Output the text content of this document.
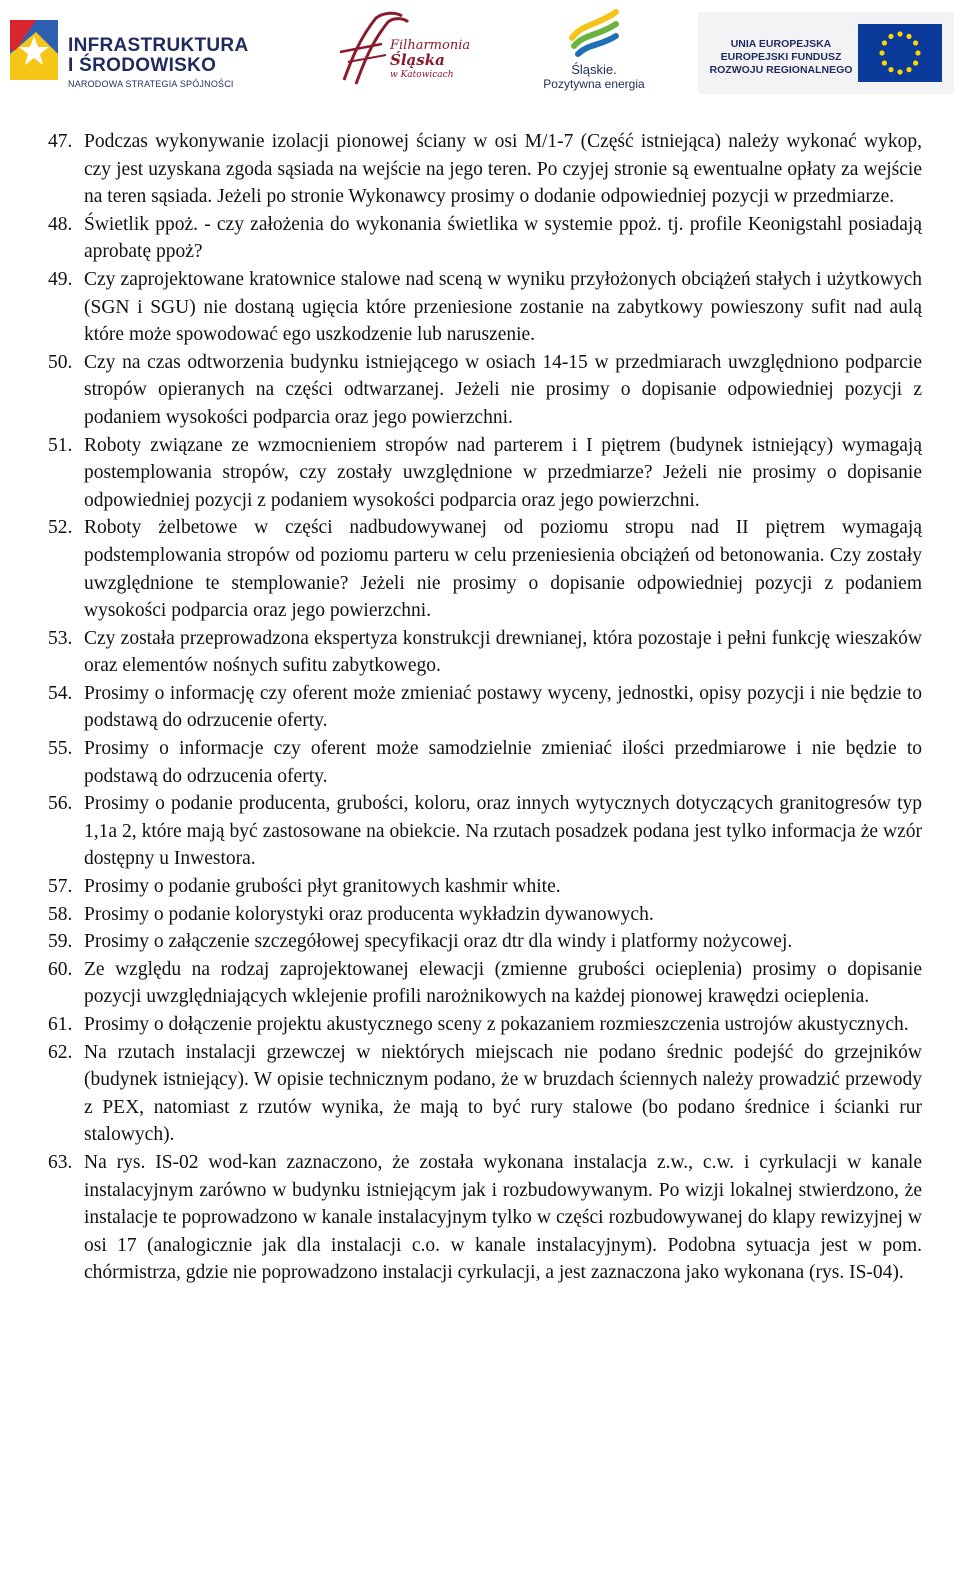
INFRASTRUKTURA
I ŚRODOWISKO
NARODOWA STRATEGIA SPÓJNOŚCI
Filharmonia
Śląska
w Katowicach	Śląskie.
Pozytywna energia
UNIA EUROPEJSKA
EUROPEJSKI FUNDUSZ
ROZWOJU REGIONALNEGO
47. Podczas wykonywanie izolacji pionowej ściany w osi M/1-7 (Część istniejąca) należy wykonać wykop, czy jest uzyskana zgoda sąsiada na wejście na jego teren. Po czyjej stronie są ewentualne opłaty za wejście na teren sąsiada. Jeżeli po stronie Wykonawcy prosimy o dodanie odpowiedniej pozycji w przedmiarze.
48. Świetlik ppoż. - czy założenia do wykonania świetlika w systemie ppoż. tj. profile Keonigstahl posiadają aprobatę ppoż?
49. Czy zaprojektowane kratownice stalowe nad sceną w wyniku przyłożonych obciążeń stałych i użytkowych (SGN i SGU) nie dostaną ugięcia które przeniesione zostanie na zabytkowy powieszony sufit nad aulą które może spowodować ego uszkodzenie lub naruszenie.
50. Czy na czas odtworzenia budynku istniejącego w osiach 14-15 w przedmiarach uwzględniono podparcie stropów opieranych na części odtwarzanej. Jeżeli nie prosimy o dopisanie odpowiedniej pozycji z podaniem wysokości podparcia oraz jego powierzchni.
51. Roboty związane ze wzmocnieniem stropów nad parterem i I piętrem (budynek istniejący) wymagają postemplowania stropów, czy zostały uwzględnione w przedmiarze? Jeżeli nie prosimy o dopisanie odpowiedniej pozycji z podaniem wysokości podparcia oraz jego powierzchni.
52. Roboty żelbetowe w części nadbudowywanej od poziomu stropu nad II piętrem wymagają podstemplowania stropów od poziomu parteru w celu przeniesienia obciążeń od betonowania. Czy zostały uwzględnione te stemplowanie? Jeżeli nie prosimy o dopisanie odpowiedniej pozycji z podaniem wysokości podparcia oraz jego powierzchni.
53. Czy została przeprowadzona ekspertyza konstrukcji drewnianej, która pozostaje i pełni funkcję wieszaków oraz elementów nośnych sufitu zabytkowego.
54. Prosimy o informację czy oferent może zmieniać postawy wyceny, jednostki, opisy pozycji i nie będzie to podstawą do odrzucenie oferty.
55. Prosimy o informacje czy oferent może samodzielnie zmieniać ilości przedmiarowe i nie będzie to podstawą do odrzucenia oferty.
56. Prosimy o podanie producenta, grubości, koloru, oraz innych wytycznych dotyczących granitogresów typ 1,1a 2, które mają być zastosowane na obiekcie. Na rzutach posadzek podana jest tylko informacja że wzór dostępny u Inwestora.
57. Prosimy o podanie grubości płyt granitowych kashmir white.
58. Prosimy o podanie kolorystyki oraz producenta wykładzin dywanowych.
59. Prosimy o załączenie szczegółowej specyfikacji oraz dtr dla windy i platformy nożycowej.
60. Ze względu na rodzaj zaprojektowanej elewacji (zmienne grubości ocieplenia) prosimy o dopisanie pozycji uwzględniających wklejenie profili narożnikowych na każdej pionowej krawędzi ocieplenia.
61. Prosimy o dołączenie projektu akustycznego sceny z pokazaniem rozmieszczenia ustrojów akustycznych.
62. Na rzutach instalacji grzewczej w niektórych miejscach nie podano średnic podejść do grzejników (budynek istniejący). W opisie technicznym podano, że w bruzdach ściennych należy prowadzić przewody z PEX, natomiast z rzutów wynika, że mają to być rury stalowe (bo podano średnice i ścianki rur stalowych).
63. Na rys. IS-02 wod-kan zaznaczono, że została wykonana instalacja z.w., c.w. i cyrkulacji w kanale instalacyjnym zarówno w budynku istniejącym jak i rozbudowywanym. Po wizji lokalnej stwierdzono, że instalacje te poprowadzono w kanale instalacyjnym tylko w części rozbudowywanej do klapy rewizyjnej w osi 17 (analogicznie jak dla instalacji c.o. w kanale instalacyjnym). Podobna sytuacja jest w pom. chórmistrza, gdzie nie poprowadzono instalacji cyrkulacji, a jest zaznaczona jako wykonana (rys. IS-04).
